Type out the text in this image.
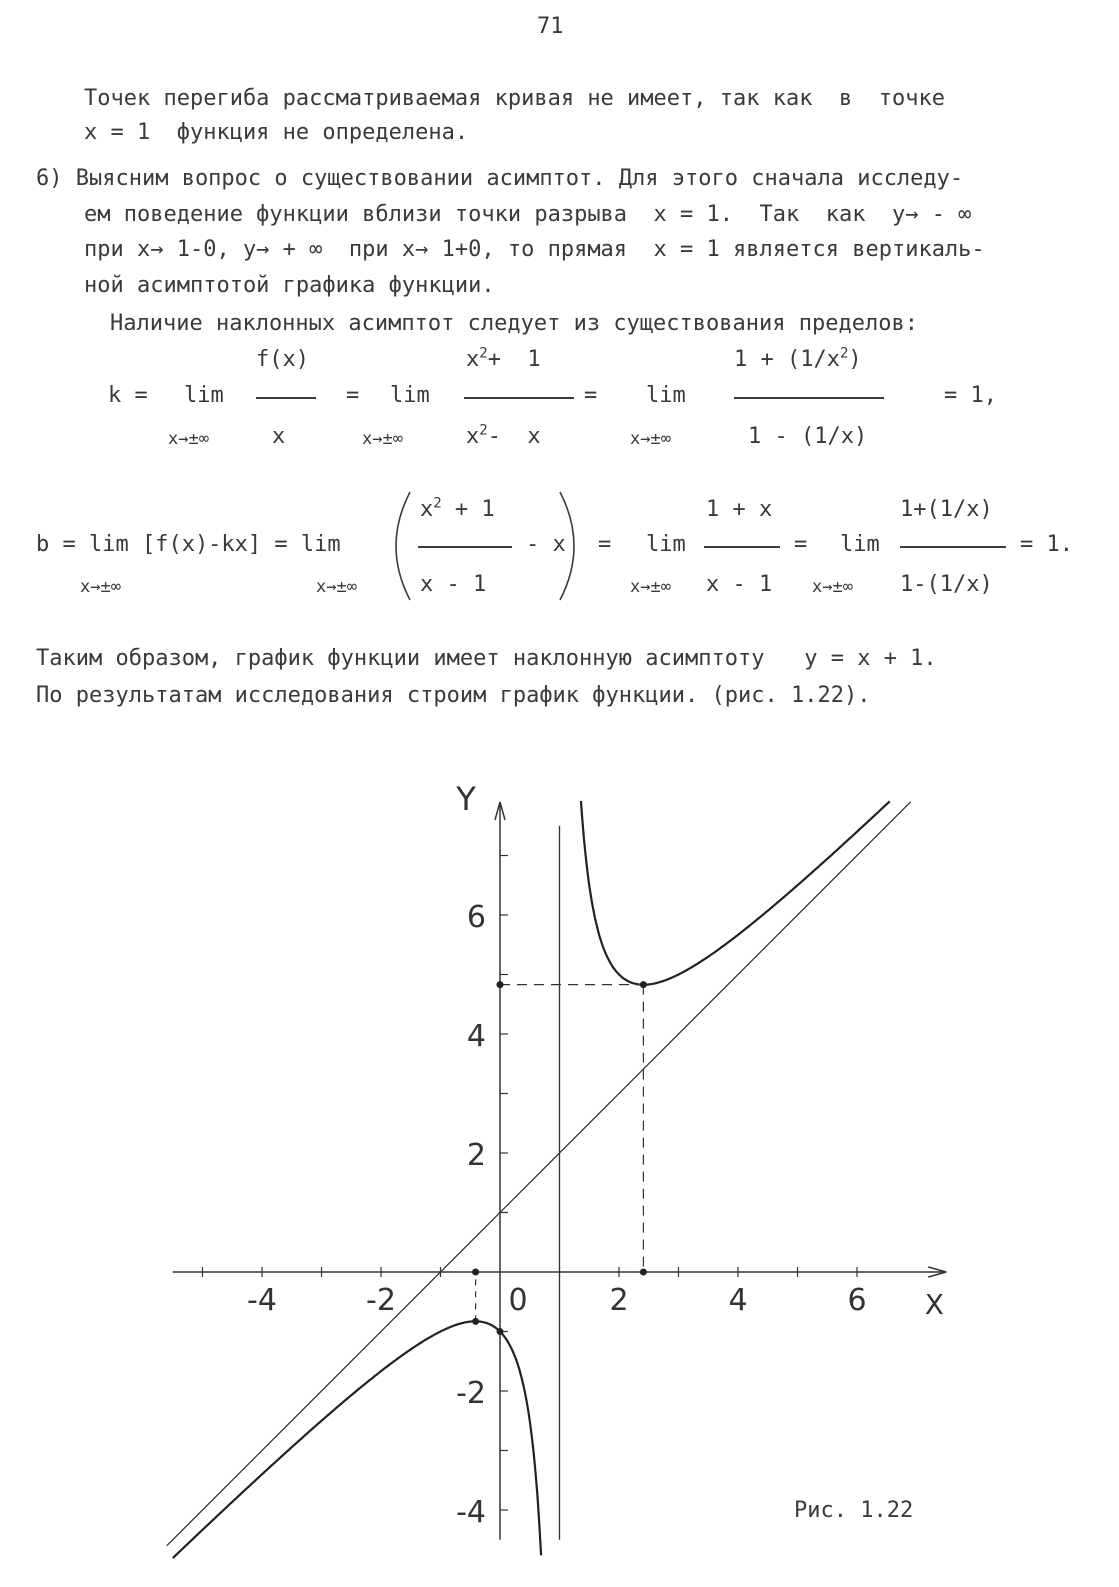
71
Точек перегиба рассматриваемая кривая не имеет, так как  в  точке
x = 1  функция не определена.
6) Выясним вопрос о существовании асимптот. Для этого сначала исследу-
ем поведение функции вблизи точки разрыва  x = 1.  Так  как  y→ - ∞
при x→ 1-0, y→ + ∞  при x→ 1+0, то прямая  x = 1 является вертикаль-
ной асимптотой графика функции.
Наличие наклонных асимптот следует из существования пределов:
k = lim
x→±∞
f(x)
x
= lim
x→±∞
$x^2+ 1$
$x^2-$  x
= lim
x→±∞
$1 + (1/x^2)$
1 - (1/x)
= 1,
b = lim [f(x)-kx] = lim
x→±∞	x→±∞
$x^2 + 1$
x - 1
- x = lim
x→±∞
1 + x
x - 1
= lim
x→±∞
1+(1/x)
1-(1/x)
= 1.
Таким образом, график функции имеет наклонную асимптоту   y = x + 1.
По результатам исследования строим график функции. (рис. 1.22).
-4	-2	0	2	4	6
6
4
2
-2
-4
X
Y
Рис. 1.22
